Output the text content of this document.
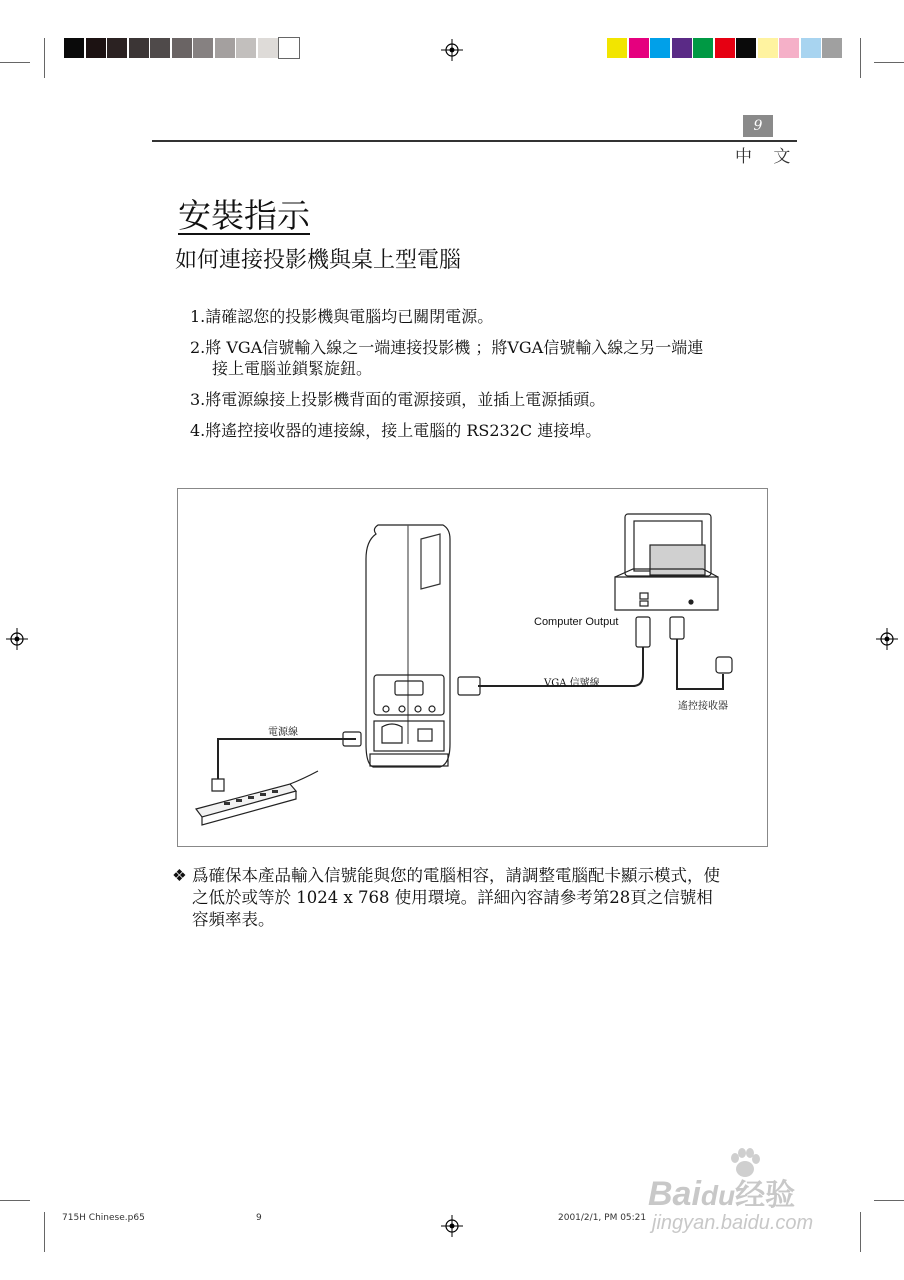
9
中 文
安裝指示
如何連接投影機與桌上型電腦
1.請確認您的投影機與電腦均已關閉電源。
2.將 VGA信號輸入線之一端連接投影機 ；將VGA信號輸入線之另一端連
接上電腦並鎖緊旋鈕。
3.將電源線接上投影機背面的電源接頭，並插上電源插頭。
4.將遙控接收器的連接線，接上電腦的 RS232C 連接埠。
Computer Output
VGA 信號線
電源線
遙控接收器
❖ 爲確保本產品輸入信號能與您的電腦相容，請調整電腦配卡顯示模式，使
之低於或等於 1024 x 768 使用環境。詳細內容請參考第28頁之信號相
容頻率表。
715H Chinese.p65	9	2001/2/1, PM 05:21
Baidu经验
jingyan.baidu.com
